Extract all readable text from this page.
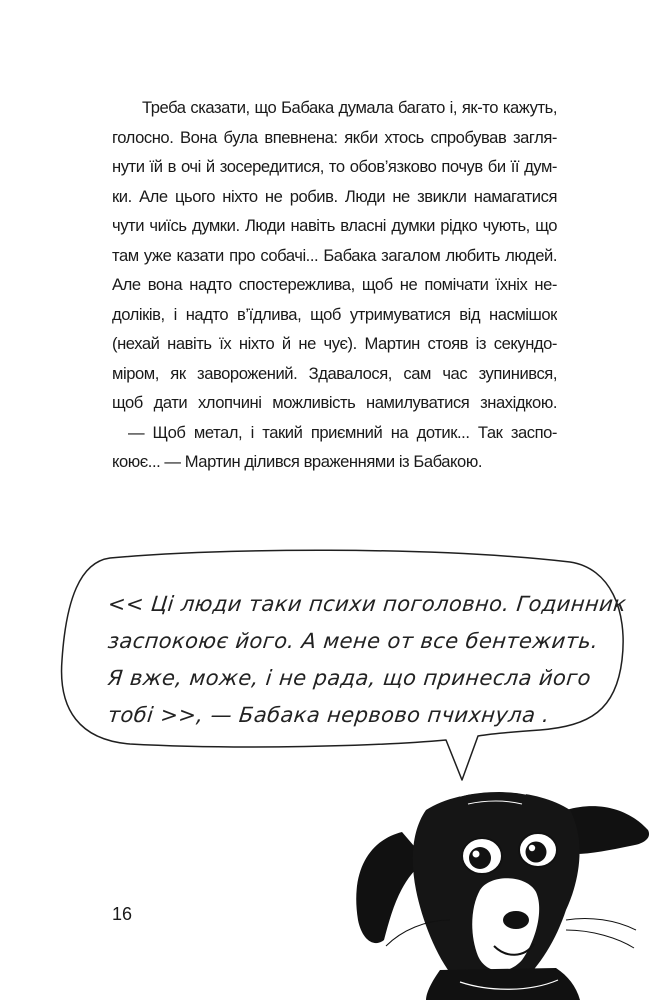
Треба сказати, що Бабака думала багато і, як-то кажуть,
голосно. Вона була впевнена: якби хтось спробував загля-
нути їй в очі й зосередитися, то обов’язково почув би її дум-
ки. Але цього ніхто не робив. Люди не звикли намагатися
чути чиїсь думки. Люди навіть власні думки рідко чують, що
там уже казати про собачі... Бабака загалом любить людей.
Але вона надто спостережлива, щоб не помічати їхніх не-
доліків, і надто в’їдлива, щоб утримуватися від насмішок
(нехай навіть їх ніхто й не чує). Мартин стояв із секундо-
міром, як заворожений. Здавалося, сам час зупинився,
щоб дати хлопчині можливість намилуватися знахідкою.
— Щоб метал, і такий приємний на дотик... Так заспо-
коює... — Мартин ділився враженнями із Бабакою.

<< Ці люди таки психи поголовно. Годинник

заспокоює його. А мене от все бентежить.

Я вже, може, і не рада, що принесла його

тобі >>, — Бабака нервово пчихнула .

16
